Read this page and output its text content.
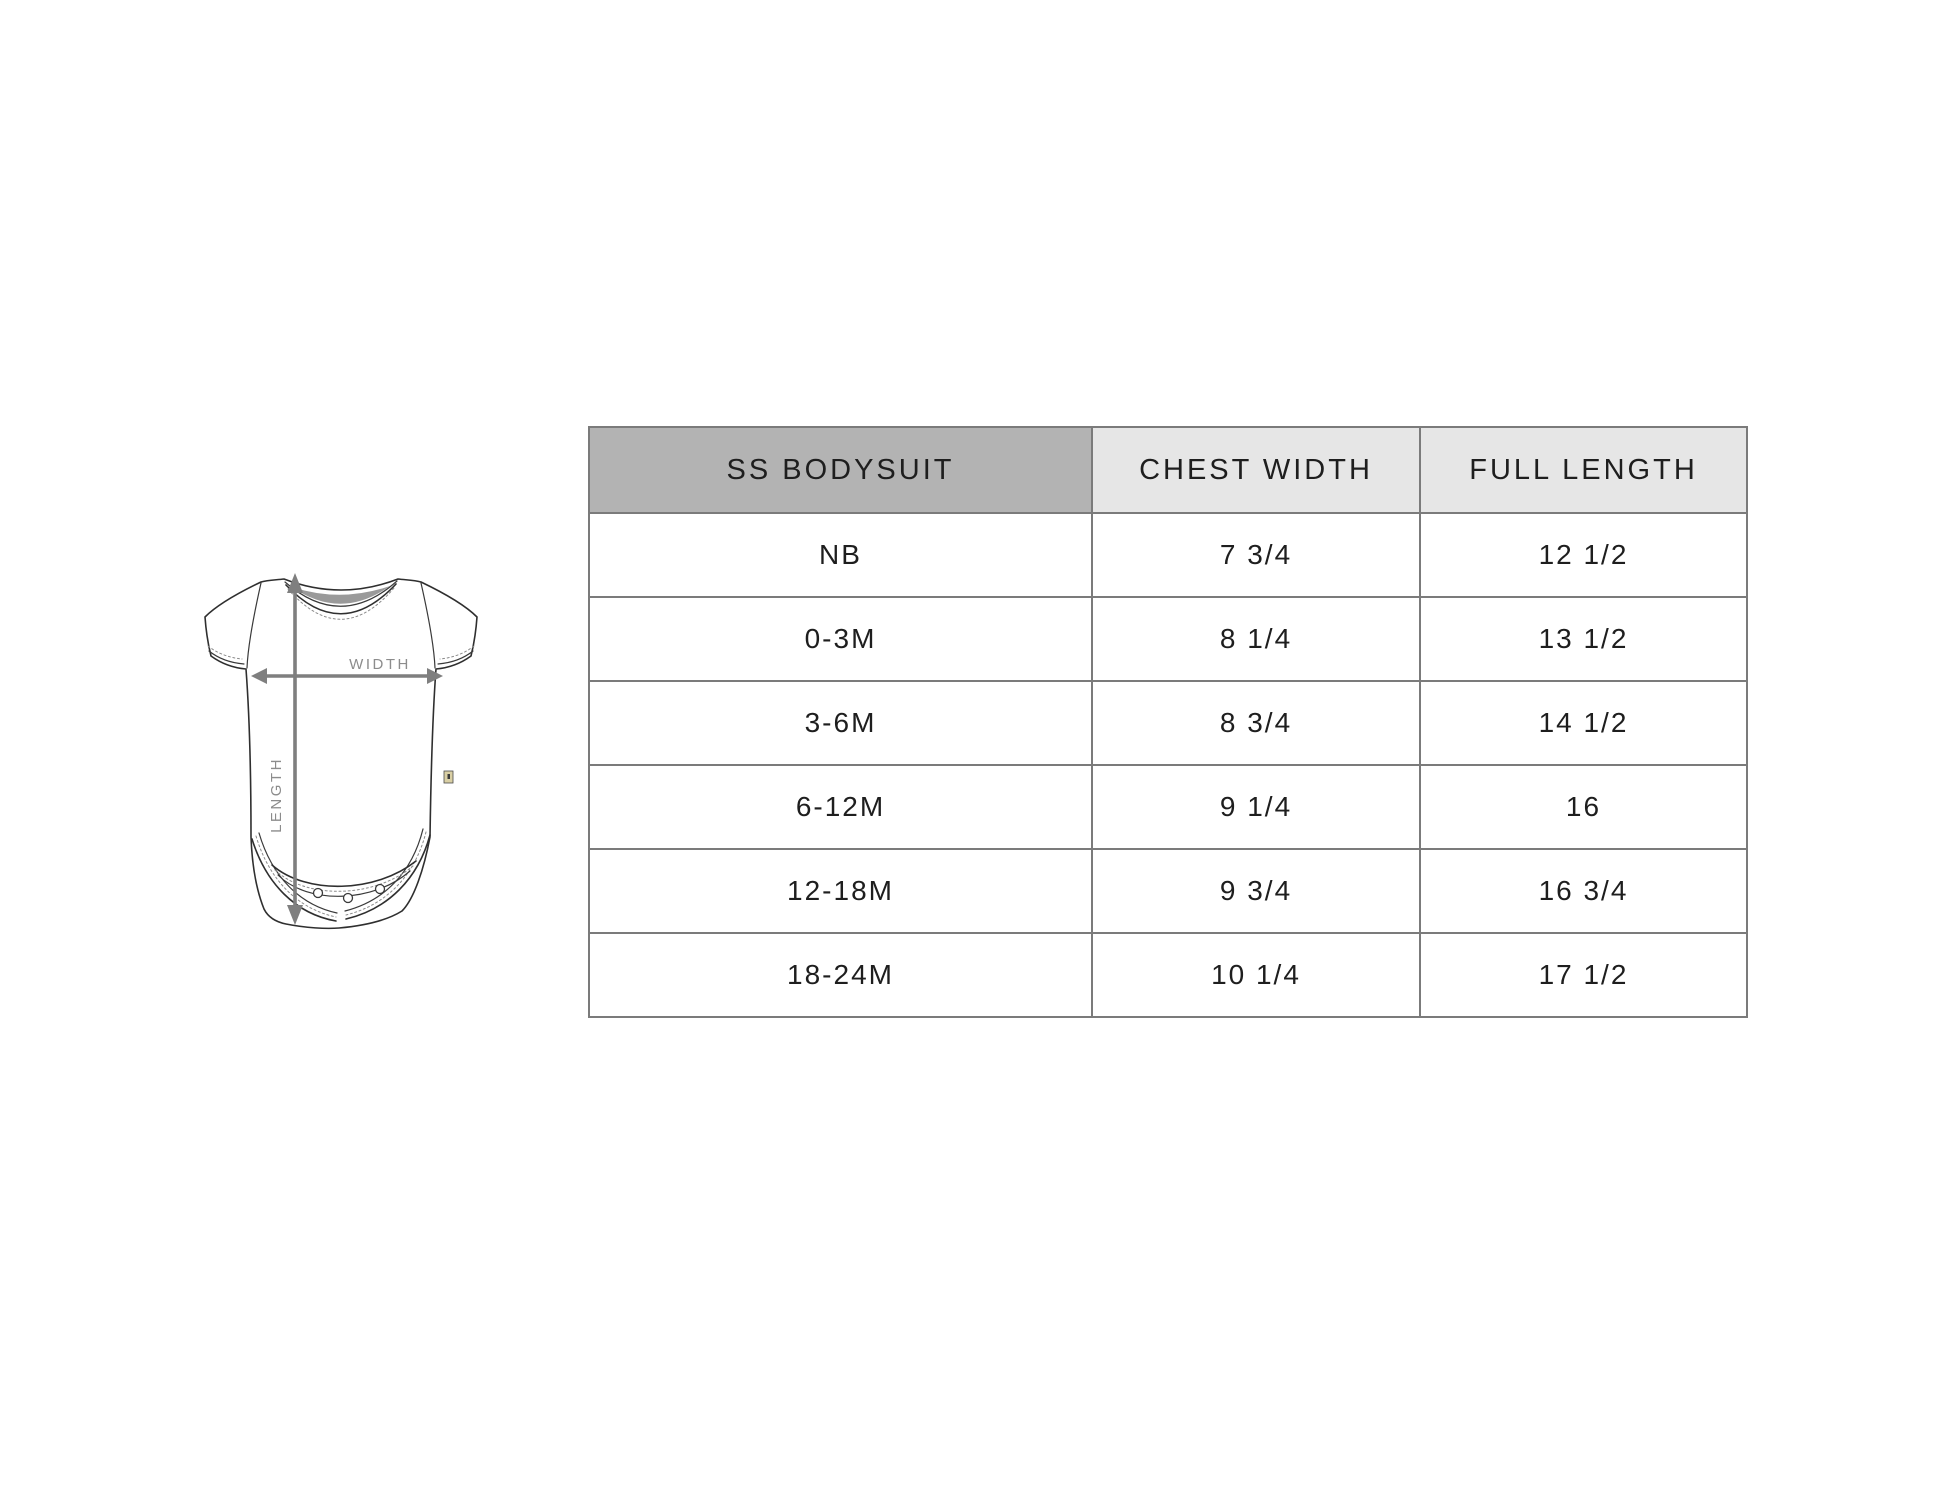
LENGTH
WIDTH
SS BODYSUIT	CHEST WIDTH	FULL LENGTH
NB	7 3/4	12 1/2
0-3M	8 1/4	13 1/2
3-6M	8 3/4	14 1/2
6-12M	9 1/4	16
12-18M	9 3/4	16 3/4
18-24M	10 1/4	17 1/2
